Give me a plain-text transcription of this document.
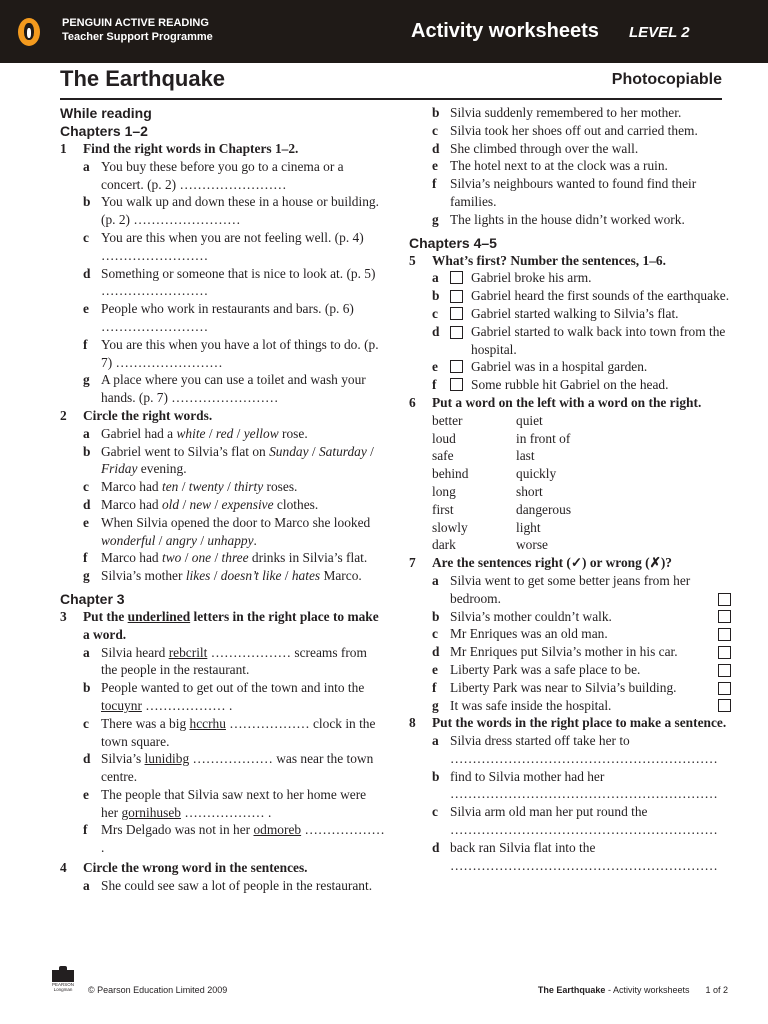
PENGUIN ACTIVE READING
Teacher Support Programme	Activity worksheets LEVEL 2
The Earthquake	Photocopiable
While reading
Chapters 1–2
1	Find the right words in Chapters 1–2.
a You buy these before you go to a cinema or a concert. (p. 2) ……………………
b You walk up and down these in a house or building. (p. 2) ……………………
c You are this when you are not feeling well. (p. 4) ……………………
d Something or someone that is nice to look at. (p. 5) ……………………
e People who work in restaurants and bars. (p. 6) ……………………
f	You are this when you have a lot of things to do. (p. 7) ……………………
g A place where you can use a toilet and wash your hands. (p. 7) ……………………
2	Circle the right words.
a Gabriel had a white / red / yellow rose.
b Gabriel went to Silvia’s flat on Sunday / Saturday / Friday evening.
c Marco had ten / twenty / thirty roses.
d Marco had old / new / expensive clothes.
e When Silvia opened the door to Marco she looked wonderful / angry / unhappy.
f	Marco had two / one / three drinks in Silvia’s flat.
g Silvia’s mother likes / doesn’t like / hates Marco.
Chapter 3
3	Put the underlined letters in the right place to make a word.
a Silvia heard rebcrilt ……………… screams from the people in the restaurant.
b People wanted to get out of the town and into the tocuynr ……………… .
c There was a big hccrhu ……………… clock in the town square.
d Silvia’s lunidibg ……………… was near the town centre.
e The people that Silvia saw next to her home were her gornihuseb ……………… .
f	Mrs Delgado was not in her odmoreb ……………… .
4	Circle the wrong word in the sentences.
a She could see saw a lot of people in the restaurant.
b Silvia suddenly remembered to her mother.
c Silvia took her shoes off out and carried them.
d She climbed through over the wall.
e The hotel next to at the clock was a ruin.
f	Silvia’s neighbours wanted to found find their families.
g The lights in the house didn’t worked work.
Chapters 4–5
5	What’s first? Number the sentences, 1–6.
a	Gabriel broke his arm.
b	Gabriel heard the first sounds of the earthquake.
c	Gabriel started walking to Silvia’s flat.
d	Gabriel started to walk back into town from the hospital.
e	Gabriel was in a hospital garden.
f	Some rubble hit Gabriel on the head.
6	Put a word on the left with a word on the right.
better	quiet
loud	in front of
safe	last
behind	quickly
long	short
first	dangerous
slowly	light
dark	worse
7	Are the sentences right (✓) or wrong (✗)?
a Silvia went to get some better jeans from her bedroom.
b Silvia’s mother couldn’t walk.
c Mr Enriques was an old man.
d Mr Enriques put Silvia’s mother in his car.
e Liberty Park was a safe place to be.
f	Liberty Park was near to Silvia’s building.
g It was safe inside the hospital.
8	Put the words in the right place to make a sentence.
a Silvia dress started off take her to
……………………………………………………
b find to Silvia mother had her
……………………………………………………
c Silvia arm old man her put round the
……………………………………………………
d back ran Silvia flat into the
……………………………………………………
PEARSON
Longman © Pearson Education Limited 2009	The Earthquake - Activity worksheets 1 of 2
